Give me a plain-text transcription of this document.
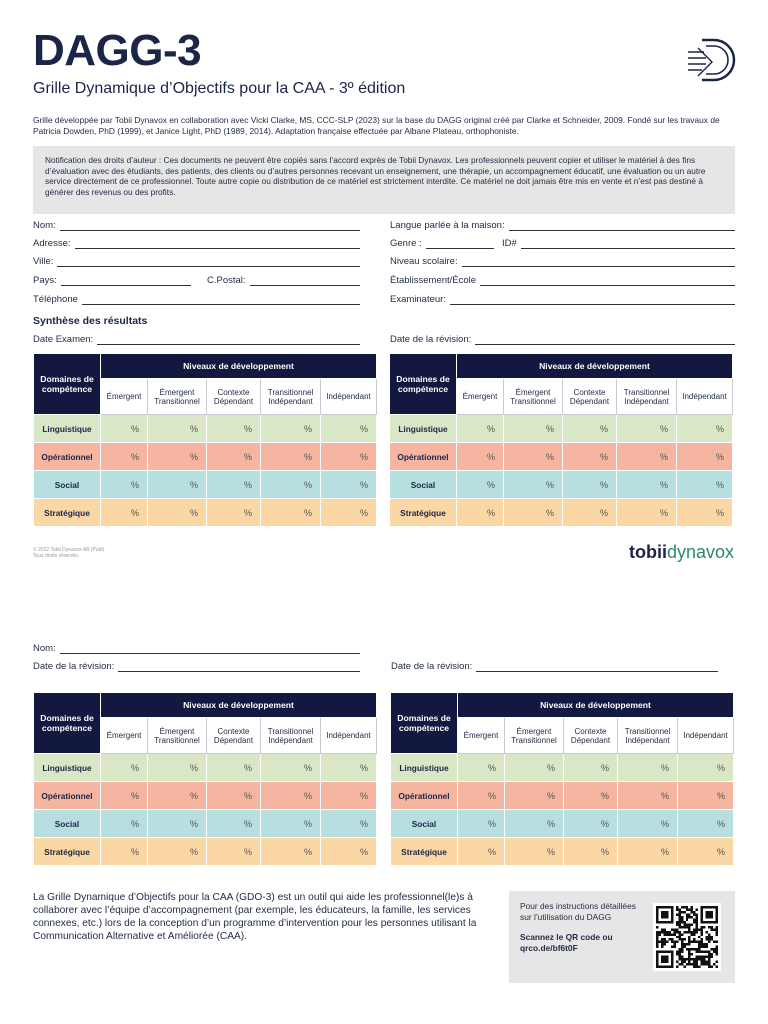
DAGG-3
Grille Dynamique d’Objectifs pour la CAA - 3º édition
Grille développée par Tobii Dynavox en collaboration avec Vicki Clarke, MS, CCC-SLP (2023) sur la base du DAGG original créé par Clarke et Schneider, 2009. Fondé sur les travaux de Patricia Dowden, PhD (1999), et Janice Light, PhD (1989, 2014). Adaptation française effectuée par Albane Plateau, orthophoniste.
Notification des droits d’auteur : Ces documents ne peuvent être copiés sans l’accord exprès de Tobii Dynavox. Les professionnels peuvent copier et utiliser le matériel à des fins d’évaluation avec des étudiants, des patients, des clients ou d’autres personnes recevant un enseignement, une thérapie, un accompagnement éducatif, une évaluation ou un autre service directement de ce professionnel. Toute autre copie ou distribution de ce matériel est strictement interdite. Ce matériel ne doit jamais être mis en vente et n’est pas destiné à générer des revenus ou des profits.
Nom:
Adresse:
Ville:
Pays:	C.Postal:
Téléphone
Langue parlée à la maison:
Genre :	ID#
Niveau scolaire:
Établissement/École
Examinateur:
Synthèse des résultats
Date Examen:	Date de la révision:
Domaines de compétence	Niveaux de développement				
	Émergent	Émergent Transitionnel	Contexte Dépendant	Transitionnel Indépendant	Indépendant
Linguistique	%	%	%	%	%
Opérationnel	%	%	%	%	%
Social	%	%	%	%	%
Stratégique	%	%	%	%	%
Domaines de compétence	Niveaux de développement				
	Émergent	Émergent Transitionnel	Contexte Dépendant	Transitionnel Indépendant	Indépendant
Linguistique	%	%	%	%	%
Opérationnel	%	%	%	%	%
Social	%	%	%	%	%
Stratégique	%	%	%	%	%
© 2022 Tobii Dynavox AB (Publ).
Tous droits réservés.	tobiidynavox
Nom:
Date de la révision:	Date de la révision:
Domaines de compétence	Niveaux de développement				
	Émergent	Émergent Transitionnel	Contexte Dépendant	Transitionnel Indépendant	Indépendant
Linguistique	%	%	%	%	%
Opérationnel	%	%	%	%	%
Social	%	%	%	%	%
Stratégique	%	%	%	%	%
Domaines de compétence	Niveaux de développement				
	Émergent	Émergent Transitionnel	Contexte Dépendant	Transitionnel Indépendant	Indépendant
Linguistique	%	%	%	%	%
Opérationnel	%	%	%	%	%
Social	%	%	%	%	%
Stratégique	%	%	%	%	%
La Grille Dynamique d’Objectifs pour la CAA (GDO-3) est un outil qui aide les professionnel(le)s à collaborer avec l’équipe d’accompagnement (par exemple, les éducateurs, la famille, les services connexes, etc.) lors de la conception d’un programme d’intervention pour les personnes utilisant la Communication Alternative et Améliorée (CAA).
Pour des instructions détaillées sur l’utilisation du DAGG
Scannez le QR code ou qrco.de/bf6t0F
